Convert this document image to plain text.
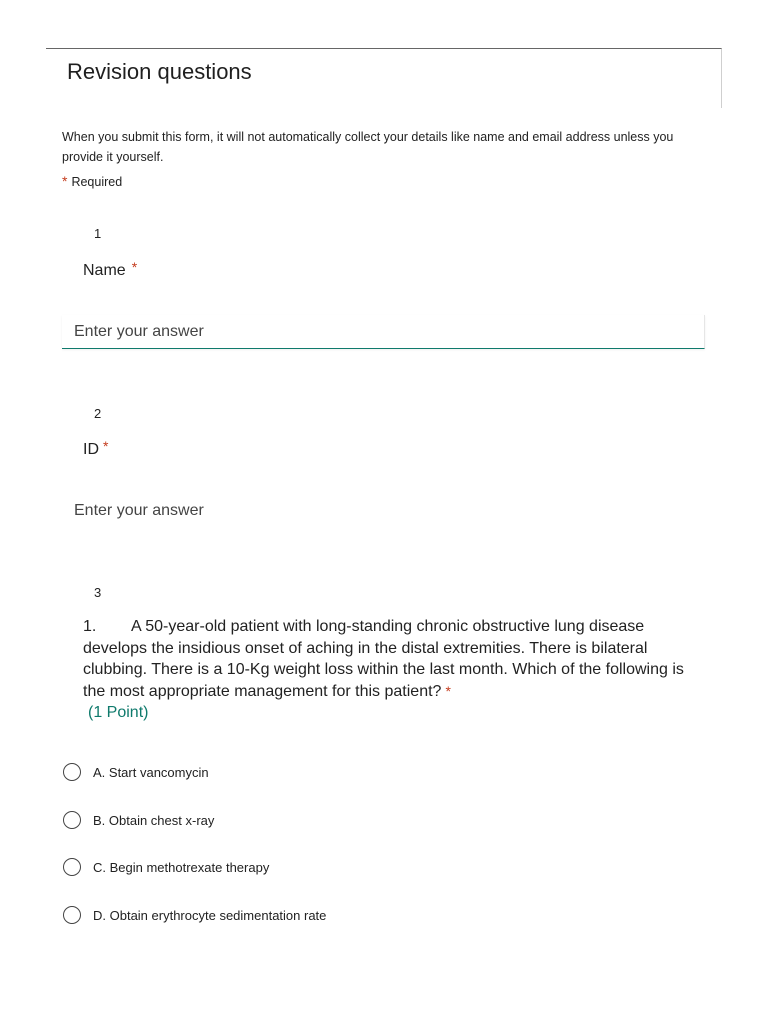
Revision questions
When you submit this form, it will not automatically collect your details like name and email address unless you provide it yourself.
* Required
1
Name *
Enter your answer
2
ID *
Enter your answer
3
1. A 50-year-old patient with long-standing chronic obstructive lung disease develops the insidious onset of aching in the distal extremities. There is bilateral clubbing. There is a 10-Kg weight loss within the last month. Which of the following is the most appropriate management for this patient? *
(1 Point)
A. Start vancomycin
B. Obtain chest x-ray
C. Begin methotrexate therapy
D. Obtain erythrocyte sedimentation rate
